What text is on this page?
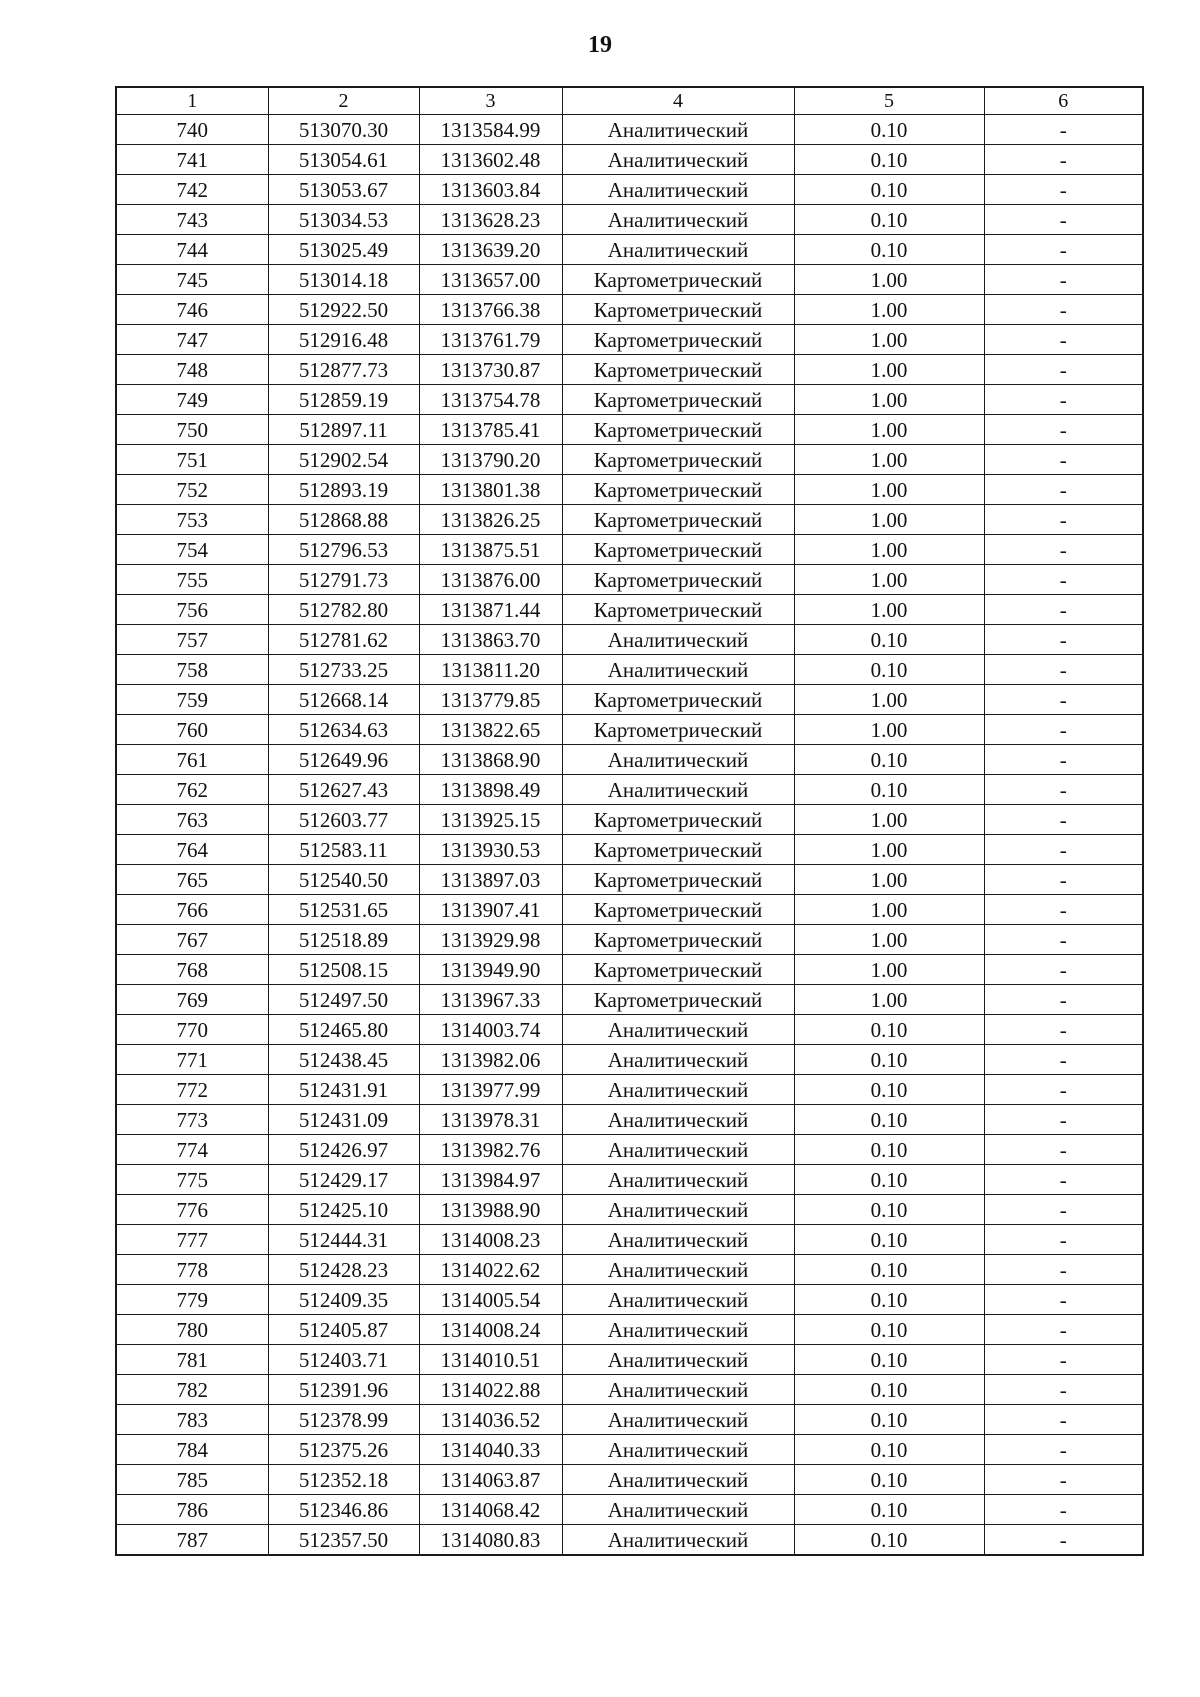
19
1	2	3	4	5	6
740	513070.30	1313584.99	Аналитический	0.10	-
741	513054.61	1313602.48	Аналитический	0.10	-
742	513053.67	1313603.84	Аналитический	0.10	-
743	513034.53	1313628.23	Аналитический	0.10	-
744	513025.49	1313639.20	Аналитический	0.10	-
745	513014.18	1313657.00	Картометрический	1.00	-
746	512922.50	1313766.38	Картометрический	1.00	-
747	512916.48	1313761.79	Картометрический	1.00	-
748	512877.73	1313730.87	Картометрический	1.00	-
749	512859.19	1313754.78	Картометрический	1.00	-
750	512897.11	1313785.41	Картометрический	1.00	-
751	512902.54	1313790.20	Картометрический	1.00	-
752	512893.19	1313801.38	Картометрический	1.00	-
753	512868.88	1313826.25	Картометрический	1.00	-
754	512796.53	1313875.51	Картометрический	1.00	-
755	512791.73	1313876.00	Картометрический	1.00	-
756	512782.80	1313871.44	Картометрический	1.00	-
757	512781.62	1313863.70	Аналитический	0.10	-
758	512733.25	1313811.20	Аналитический	0.10	-
759	512668.14	1313779.85	Картометрический	1.00	-
760	512634.63	1313822.65	Картометрический	1.00	-
761	512649.96	1313868.90	Аналитический	0.10	-
762	512627.43	1313898.49	Аналитический	0.10	-
763	512603.77	1313925.15	Картометрический	1.00	-
764	512583.11	1313930.53	Картометрический	1.00	-
765	512540.50	1313897.03	Картометрический	1.00	-
766	512531.65	1313907.41	Картометрический	1.00	-
767	512518.89	1313929.98	Картометрический	1.00	-
768	512508.15	1313949.90	Картометрический	1.00	-
769	512497.50	1313967.33	Картометрический	1.00	-
770	512465.80	1314003.74	Аналитический	0.10	-
771	512438.45	1313982.06	Аналитический	0.10	-
772	512431.91	1313977.99	Аналитический	0.10	-
773	512431.09	1313978.31	Аналитический	0.10	-
774	512426.97	1313982.76	Аналитический	0.10	-
775	512429.17	1313984.97	Аналитический	0.10	-
776	512425.10	1313988.90	Аналитический	0.10	-
777	512444.31	1314008.23	Аналитический	0.10	-
778	512428.23	1314022.62	Аналитический	0.10	-
779	512409.35	1314005.54	Аналитический	0.10	-
780	512405.87	1314008.24	Аналитический	0.10	-
781	512403.71	1314010.51	Аналитический	0.10	-
782	512391.96	1314022.88	Аналитический	0.10	-
783	512378.99	1314036.52	Аналитический	0.10	-
784	512375.26	1314040.33	Аналитический	0.10	-
785	512352.18	1314063.87	Аналитический	0.10	-
786	512346.86	1314068.42	Аналитический	0.10	-
787	512357.50	1314080.83	Аналитический	0.10	-
